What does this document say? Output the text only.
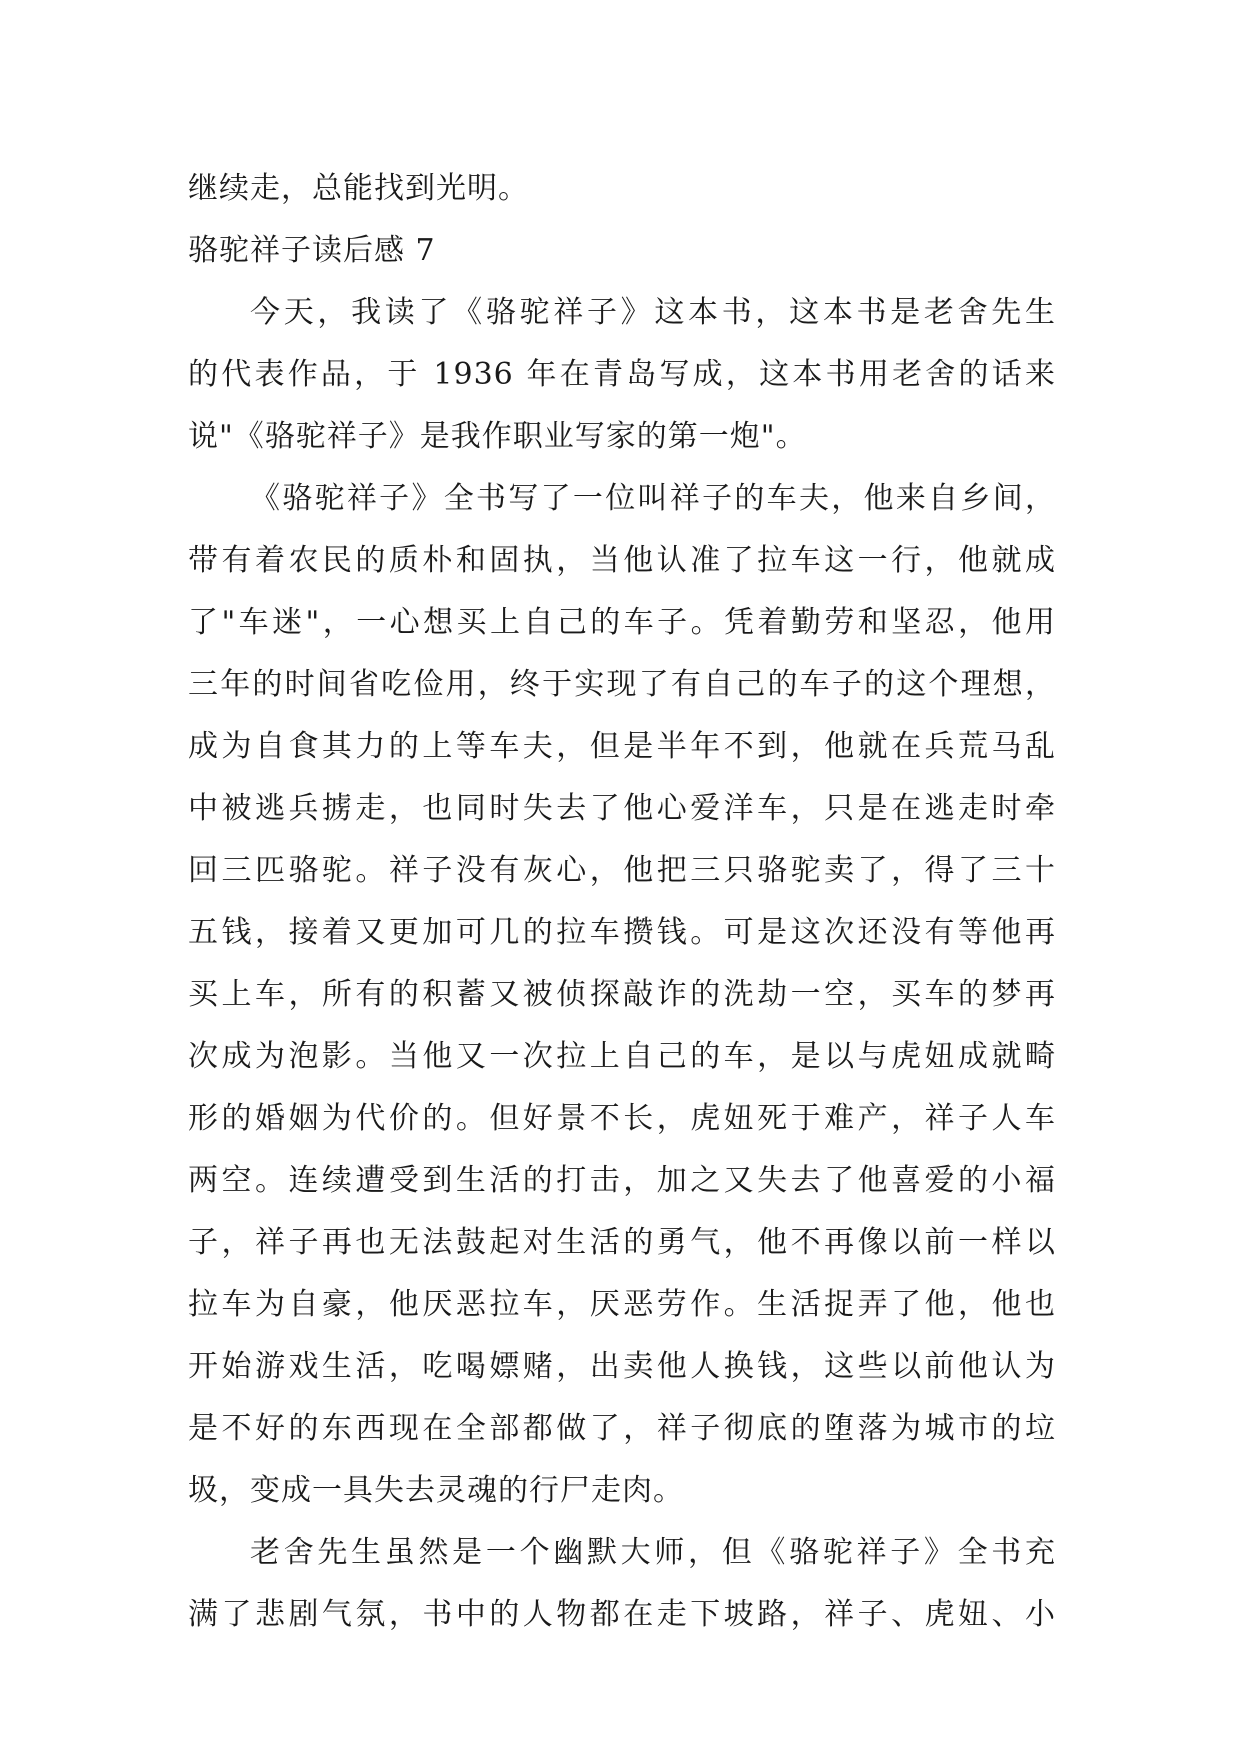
继续走，总能找到光明。
骆驼祥子读后感 7
今天，我读了《骆驼祥子》这本书，这本书是老舍先生
的代表作品，于 1936 年在青岛写成，这本书用老舍的话来
说"《骆驼祥子》是我作职业写家的第一炮"。
《骆驼祥子》全书写了一位叫祥子的车夫，他来自乡间，
带有着农民的质朴和固执，当他认准了拉车这一行，他就成
了"车迷"，一心想买上自己的车子。凭着勤劳和坚忍，他用
三年的时间省吃俭用，终于实现了有自己的车子的这个理想，
成为自食其力的上等车夫，但是半年不到，他就在兵荒马乱
中被逃兵掳走，也同时失去了他心爱洋车，只是在逃走时牵
回三匹骆驼。祥子没有灰心，他把三只骆驼卖了，得了三十
五钱，接着又更加可几的拉车攒钱。可是这次还没有等他再
买上车，所有的积蓄又被侦探敲诈的洗劫一空，买车的梦再
次成为泡影。当他又一次拉上自己的车，是以与虎妞成就畸
形的婚姻为代价的。但好景不长，虎妞死于难产，祥子人车
两空。连续遭受到生活的打击，加之又失去了他喜爱的小福
子，祥子再也无法鼓起对生活的勇气，他不再像以前一样以
拉车为自豪，他厌恶拉车，厌恶劳作。生活捉弄了他，他也
开始游戏生活，吃喝嫖赌，出卖他人换钱，这些以前他认为
是不好的东西现在全部都做了，祥子彻底的堕落为城市的垃
圾，变成一具失去灵魂的行尸走肉。
老舍先生虽然是一个幽默大师，但《骆驼祥子》全书充
满了悲剧气氛，书中的人物都在走下坡路，祥子、虎妞、小
